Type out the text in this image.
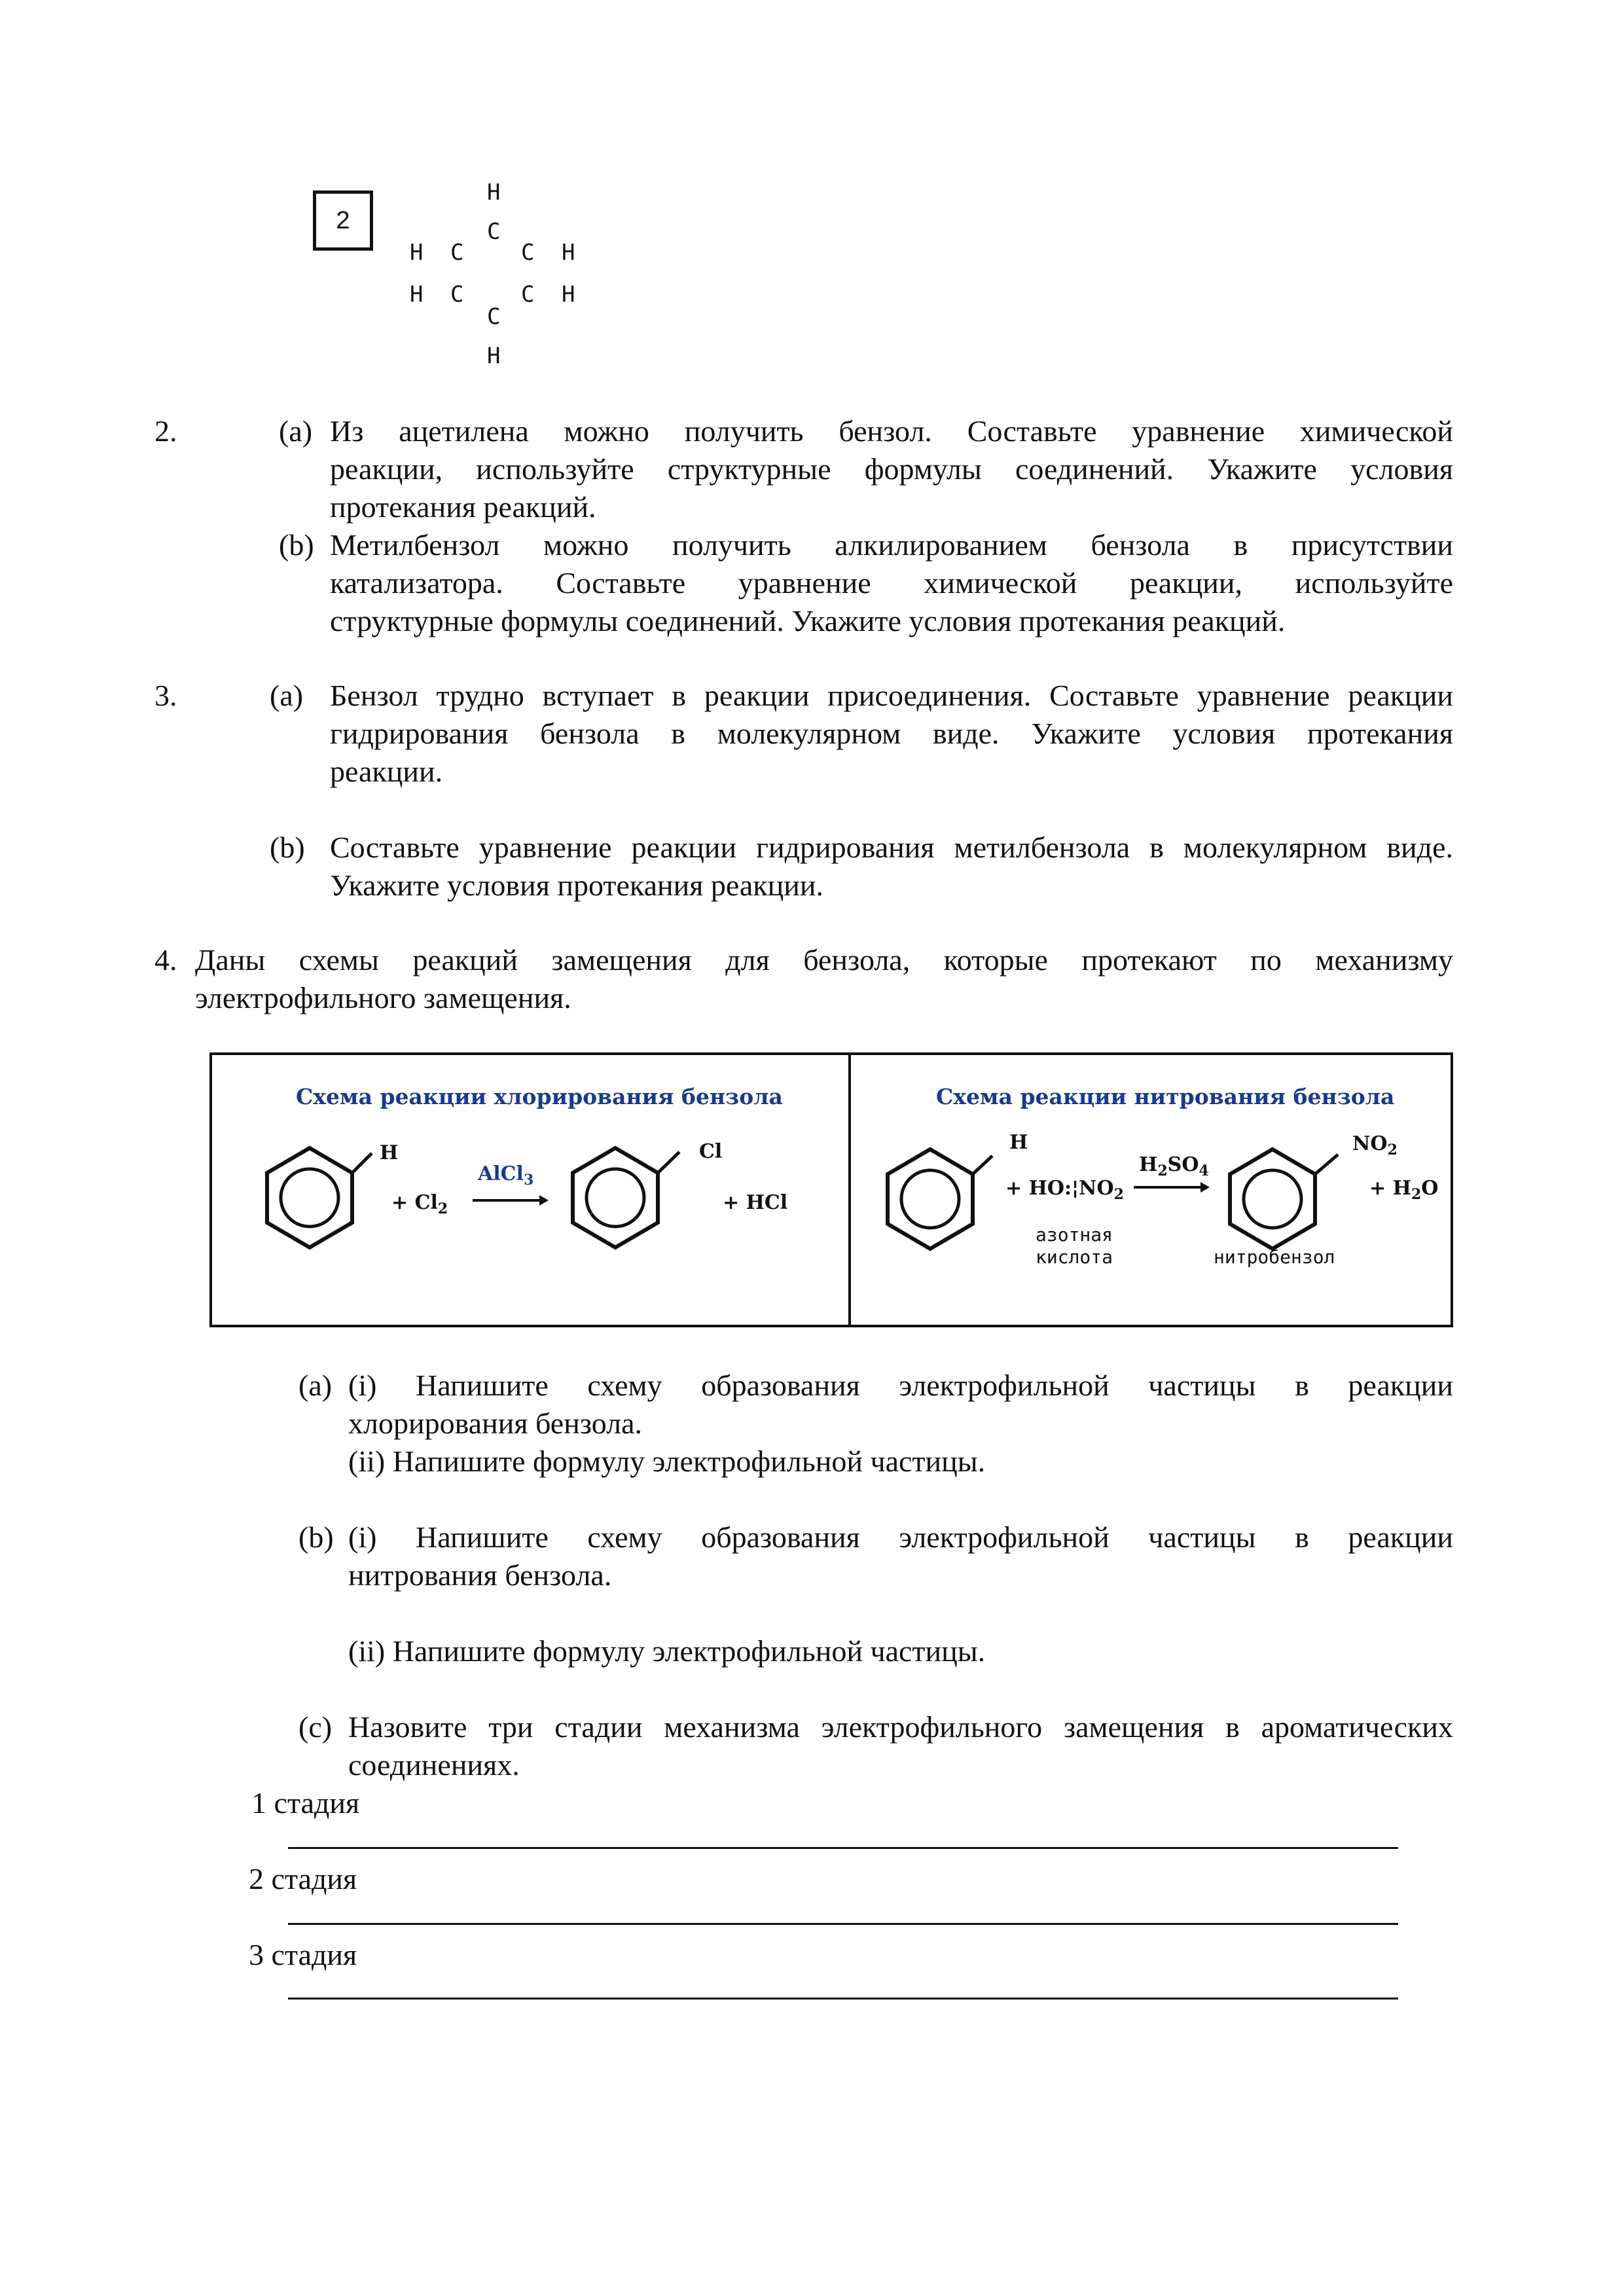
2
H
C
H C	C H
H C	C H
C
H
2.	(a) Из ацетилена можно получить бензол. Составьте уравнение химической
реакции, используйте структурные формулы соединений. Укажите условия
протекания реакций.
(b) Метилбензол можно получить алкилированием бензола в присутствии
катализатора. Составьте уравнение химической реакции, используйте
структурные формулы соединений. Укажите условия протекания реакций.
3.	(a) Бензол трудно вступает в реакции присоединения. Составьте уравнение реакции
гидрирования бензола в молекулярном виде. Укажите условия протекания
реакции.
(b) Составьте уравнение реакции гидрирования метилбензола в молекулярном виде.
Укажите условия протекания реакции.
4. Даны схемы реакций замещения для бензола, которые протекают по механизму
электрофильного замещения.
Схема реакции хлорирования бензола
H
+ $Cl_2$
AlCl$_3$
Cl
+ HCl
Схема реакции нитрования бензола
H
+ $HO:¦NO_2$
азотная
кислота
$H_2SO_4$
$NO_2$
+ $H_2O$
нитробензол
(a) (i) Напишите схему образования электрофильной частицы в реакции
хлорирования бензола.
(ii) Напишите формулу электрофильной частицы.
(b) (i) Напишите схему образования электрофильной частицы в реакции
нитрования бензола.
(ii) Напишите формулу электрофильной частицы.
(c) Назовите три стадии механизма электрофильного замещения в ароматических
соединениях.
1 стадия
2 стадия
3 стадия
